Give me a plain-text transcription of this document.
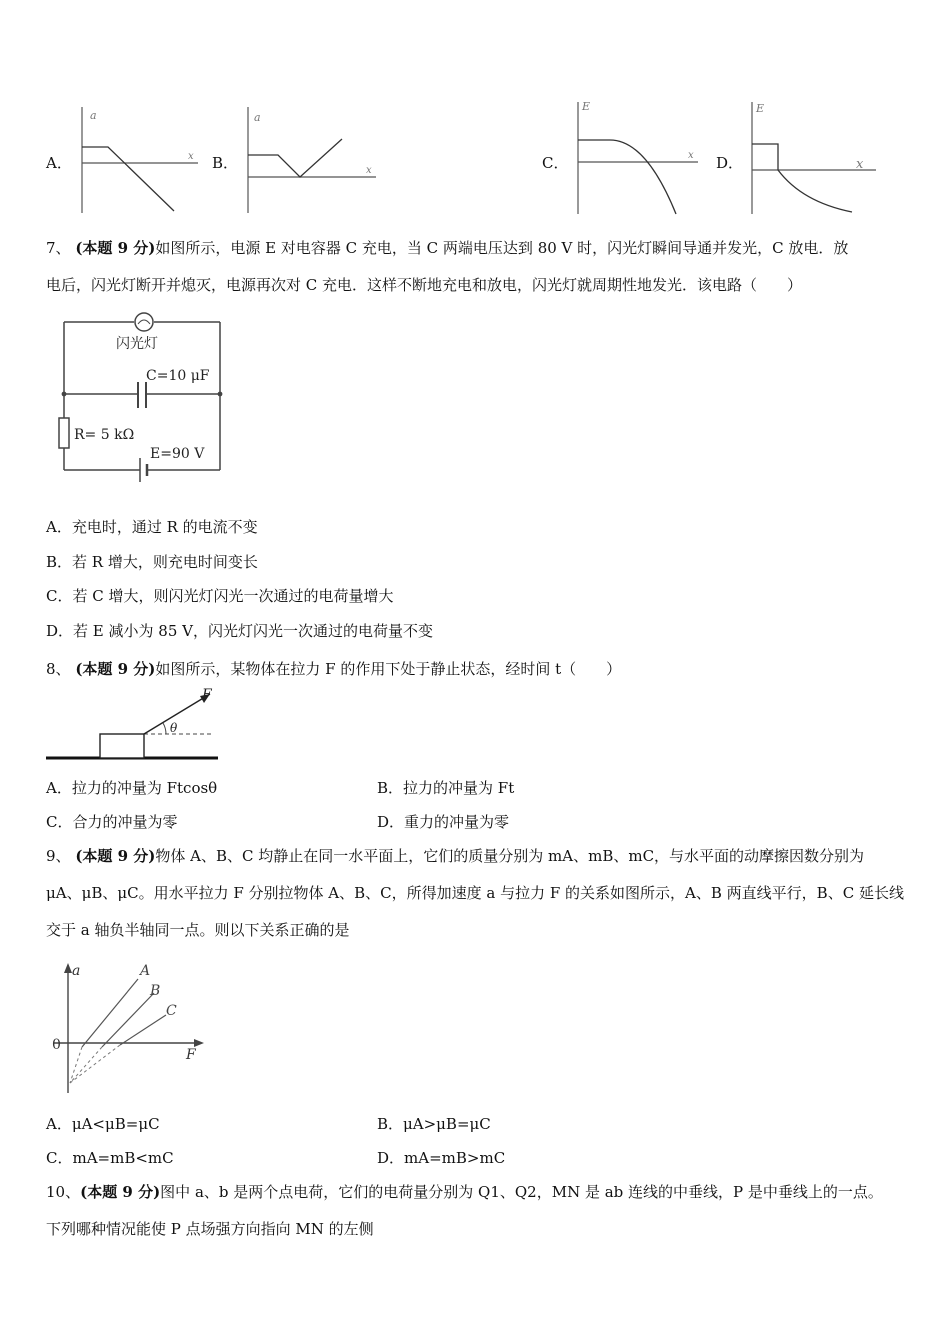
A．
a
x B．
a
x	C．
E
x D．
E
x
7、 (本题 9 分)如图所示，电源 E 对电容器 C 充电，当 C 两端电压达到 80 V 时，闪光灯瞬间导通并发光，C 放电．放
电后，闪光灯断开并熄灭，电源再次对 C 充电．这样不断地充电和放电，闪光灯就周期性地发光．该电路（　　）
闪光灯
C=10 μF
R= 5 kΩ
E=90 V
A．充电时，通过 R 的电流不变
B．若 R 增大，则充电时间变长
C．若 C 增大，则闪光灯闪光一次通过的电荷量增大
D．若 E 减小为 85 V，闪光灯闪光一次通过的电荷量不变
8、 (本题 9 分)如图所示，某物体在拉力 F 的作用下处于静止状态，经时间 t（　　）
F
θ
A．拉力的冲量为 Ftcosθ	B．拉力的冲量为 Ft
C．合力的冲量为零	D．重力的冲量为零
9、 (本题 9 分)物体 A、B、C 均静止在同一水平面上，它们的质量分别为 mA、mB、mC，与水平面的动摩擦因数分别为
μA、μB、μC。用水平拉力 F 分别拉物体 A、B、C，所得加速度 a 与拉力 F 的关系如图所示，A、B 两直线平行，B、C 延长线
交于 a 轴负半轴同一点。则以下关系正确的是
a
F
0
A
B
C
A．μA<μB=μC	B．μA>μB=μC
C．mA=mB<mC	D．mA=mB>mC
10、(本题 9 分)图中 a、b 是两个点电荷，它们的电荷量分别为 Q1、Q2，MN 是 ab 连线的中垂线，P 是中垂线上的一点。
下列哪种情况能使 P 点场强方向指向 MN 的左侧
